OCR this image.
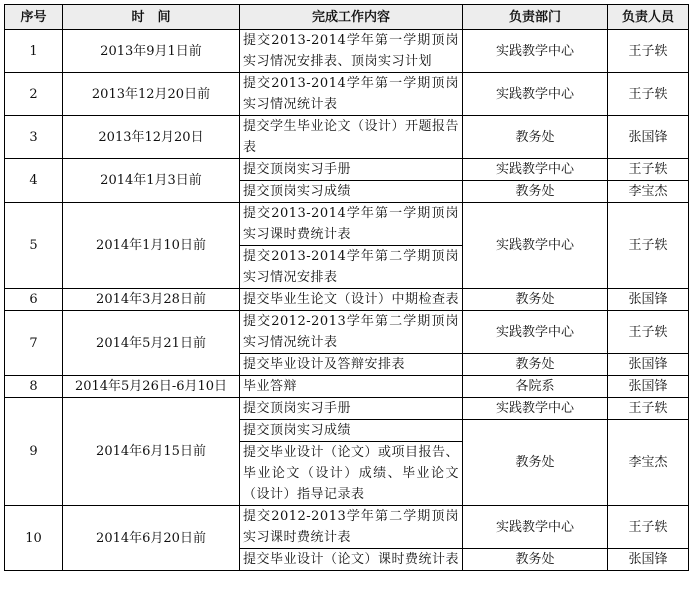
序号	时　间	完成工作内容	负责部门	负责人员
1	2013年9月1日前	提交2013-2014学年第一学期顶岗实习情况安排表、顶岗实习计划	实践教学中心	王子轶
2	2013年12月20日前	提交2013-2014学年第一学期顶岗实习情况统计表	实践教学中心	王子轶
3	2013年12月20日	提交学生毕业论文（设计）开题报告表	教务处	张国锋
4	2014年1月3日前	提交顶岗实习手册	实践教学中心	王子轶
		提交顶岗实习成绩	教务处	李宝杰
5	2014年1月10日前	提交2013-2014学年第一学期顶岗实习课时费统计表	实践教学中心	王子轶
		提交2013-2014学年第二学期顶岗实习情况安排表		
6	2014年3月28日前	提交毕业生论文（设计）中期检查表	教务处	张国锋
7	2014年5月21日前	提交2012-2013学年第二学期顶岗实习情况统计表	实践教学中心	王子轶
		提交毕业设计及答辩安排表	教务处	张国锋
8	2014年5月26日-6月10日	毕业答辩	各院系	张国锋
9	2014年6月15日前	提交顶岗实习手册	实践教学中心	王子轶
		提交顶岗实习成绩	教务处	李宝杰
		提交毕业设计（论文）或项目报告、毕业论文（设计）成绩、毕业论文（设计）指导记录表		
10	2014年6月20日前	提交2012-2013学年第二学期顶岗实习课时费统计表	实践教学中心	王子轶
		提交毕业设计（论文）课时费统计表	教务处	张国锋
